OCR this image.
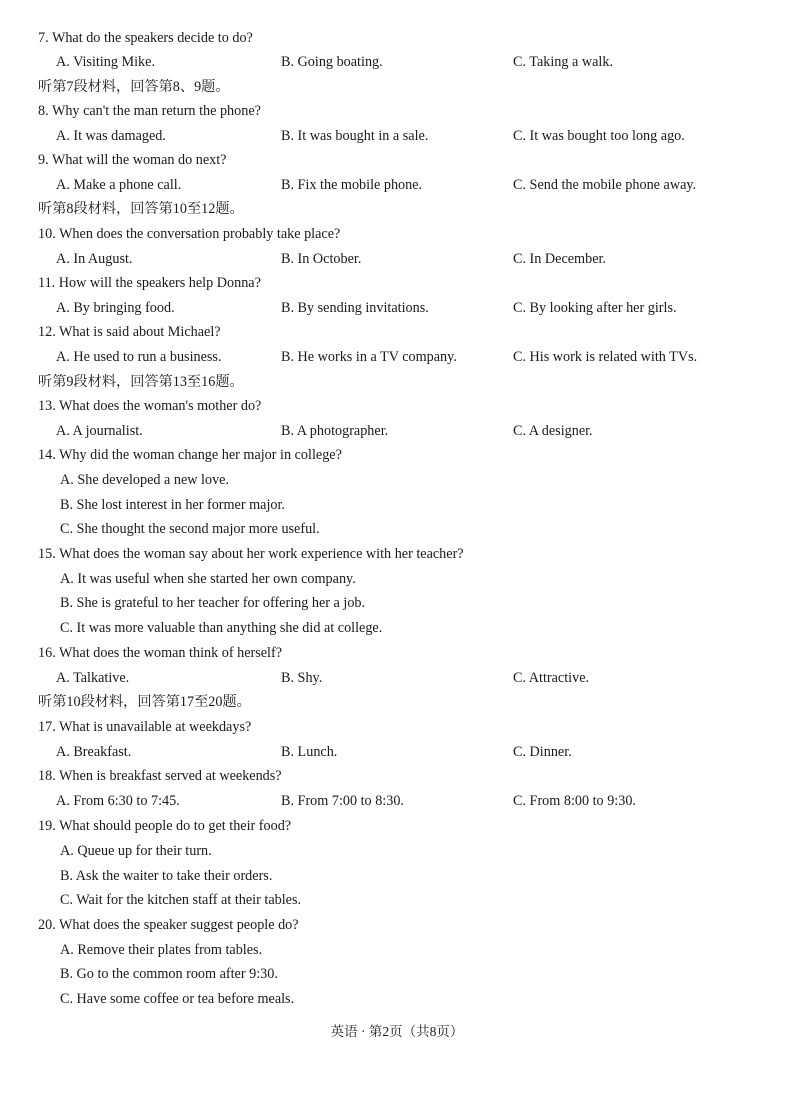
7. What do the speakers decide to do?
A. Visiting Mike.	B. Going boating.	C. Taking a walk.
听第7段材料，回答第8、9题。
8. Why can't the man return the phone?
A. It was damaged.	B. It was bought in a sale.	C. It was bought too long ago.
9. What will the woman do next?
A. Make a phone call.	B. Fix the mobile phone.	C. Send the mobile phone away.
听第8段材料，回答第10至12题。
10. When does the conversation probably take place?
A. In August.	B. In October.	C. In December.
11. How will the speakers help Donna?
A. By bringing food.	B. By sending invitations.	C. By looking after her girls.
12. What is said about Michael?
A. He used to run a business.	B. He works in a TV company.	C. His work is related with TVs.
听第9段材料，回答第13至16题。
13. What does the woman's mother do?
A. A journalist.	B. A photographer.	C. A designer.
14. Why did the woman change her major in college?
A. She developed a new love.
B. She lost interest in her former major.
C. She thought the second major more useful.
15. What does the woman say about her work experience with her teacher?
A. It was useful when she started her own company.
B. She is grateful to her teacher for offering her a job.
C. It was more valuable than anything she did at college.
16. What does the woman think of herself?
A. Talkative.	B. Shy.	C. Attractive.
听第10段材料，回答第17至20题。
17. What is unavailable at weekdays?
A. Breakfast.	B. Lunch.	C. Dinner.
18. When is breakfast served at weekends?
A. From 6:30 to 7:45.	B. From 7:00 to 8:30.	C. From 8:00 to 9:30.
19. What should people do to get their food?
A. Queue up for their turn.
B. Ask the waiter to take their orders.
C. Wait for the kitchen staff at their tables.
20. What does the speaker suggest people do?
A. Remove their plates from tables.
B. Go to the common room after 9:30.
C. Have some coffee or tea before meals.
英语 · 第2页（共8页）
